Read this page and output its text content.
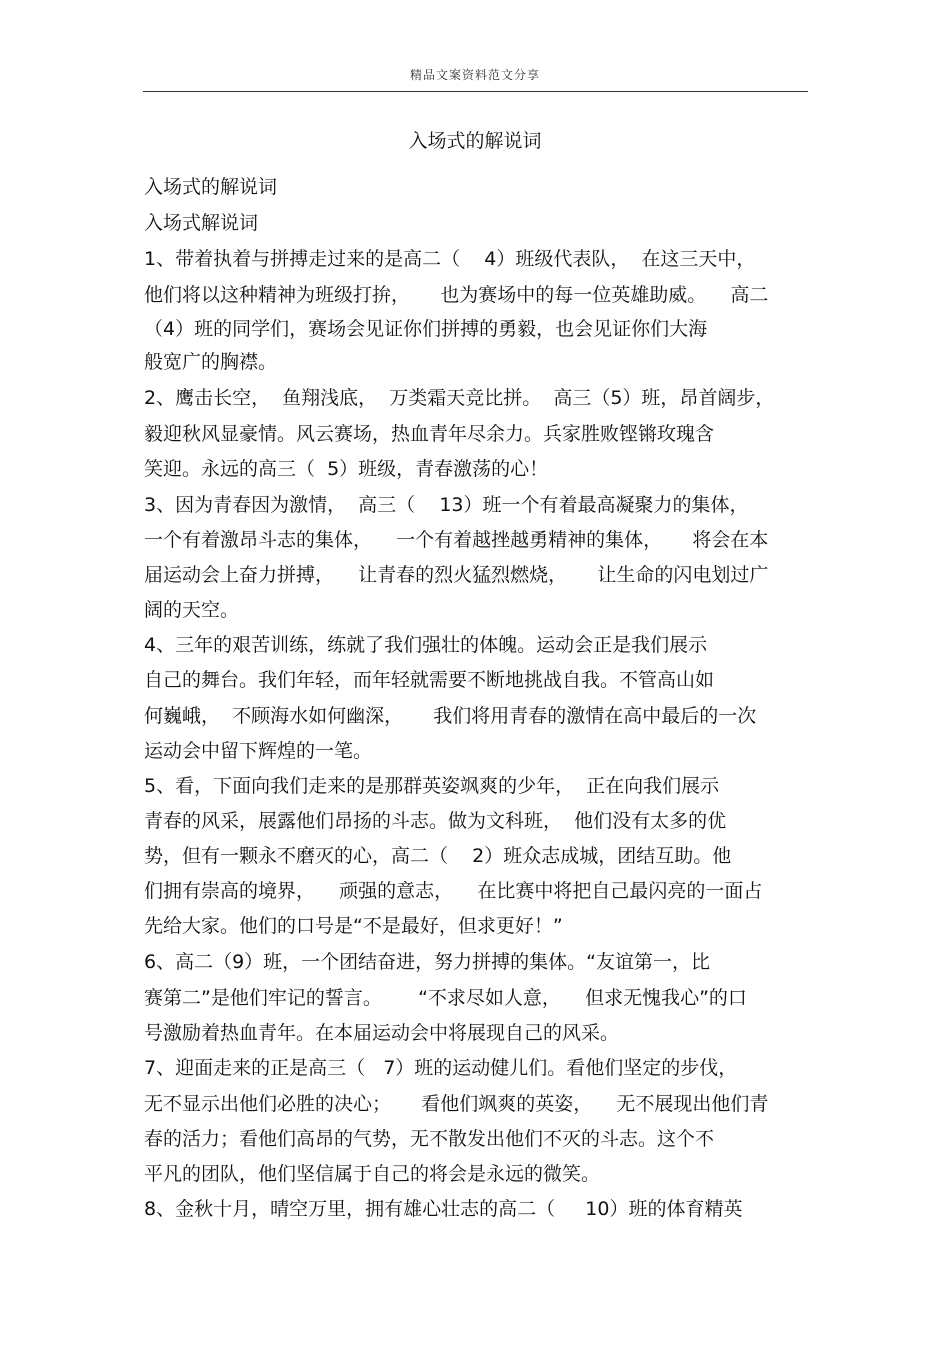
精品文案资料范文分享
入场式的解说词
入场式的解说词
入场式解说词
1、带着执着与拼搏走过来的是高二（    4）班级代表队，  在这三天中，
他们将以这种精神为班级打拚，     也为赛场中的每一位英雄助威。    高二
（4）班的同学们，赛场会见证你们拼搏的勇毅，也会见证你们大海
般宽广的胸襟。
2、鹰击长空，  鱼翔浅底，  万类霜天竞比拼。  高三（5）班，昂首阔步，
毅迎秋风显豪情。风云赛场，热血青年尽余力。兵家胜败铿锵玫瑰含
笑迎。永远的高三（  5）班级，青春激荡的心！
3、因为青春因为激情，  高三（    13）班一个有着最高凝聚力的集体，
一个有着激昂斗志的集体，    一个有着越挫越勇精神的集体，     将会在本
届运动会上奋力拼搏，    让青春的烈火猛烈燃烧，     让生命的闪电划过广
阔的天空。
4、三年的艰苦训练，练就了我们强壮的体魄。运动会正是我们展示
自己的舞台。我们年轻，而年轻就需要不断地挑战自我。不管高山如
何巍峨，  不顾海水如何幽深，     我们将用青春的激情在高中最后的一次
运动会中留下辉煌的一笔。
5、看，下面向我们走来的是那群英姿飒爽的少年，  正在向我们展示
青春的风采，展露他们昂扬的斗志。做为文科班，  他们没有太多的优
势，但有一颗永不磨灭的心，高二（    2）班众志成城，团结互助。他
们拥有崇高的境界，    顽强的意志，    在比赛中将把自己最闪亮的一面占
先给大家。他们的口号是“不是最好，但求更好！”
6、高二（9）班，一个团结奋进，努力拼搏的集体。“友谊第一，比
赛第二”是他们牢记的誓言。      “不求尽如人意，    但求无愧我心”的口
号激励着热血青年。在本届运动会中将展现自己的风采。
7、迎面走来的正是高三（   7）班的运动健儿们。看他们坚定的步伐，
无不显示出他们必胜的决心；     看他们飒爽的英姿，    无不展现出他们青
春的活力；看他们高昂的气势，无不散发出他们不灭的斗志。这个不
平凡的团队，他们坚信属于自己的将会是永远的微笑。
8、金秋十月，晴空万里，拥有雄心壮志的高二（     10）班的体育精英
